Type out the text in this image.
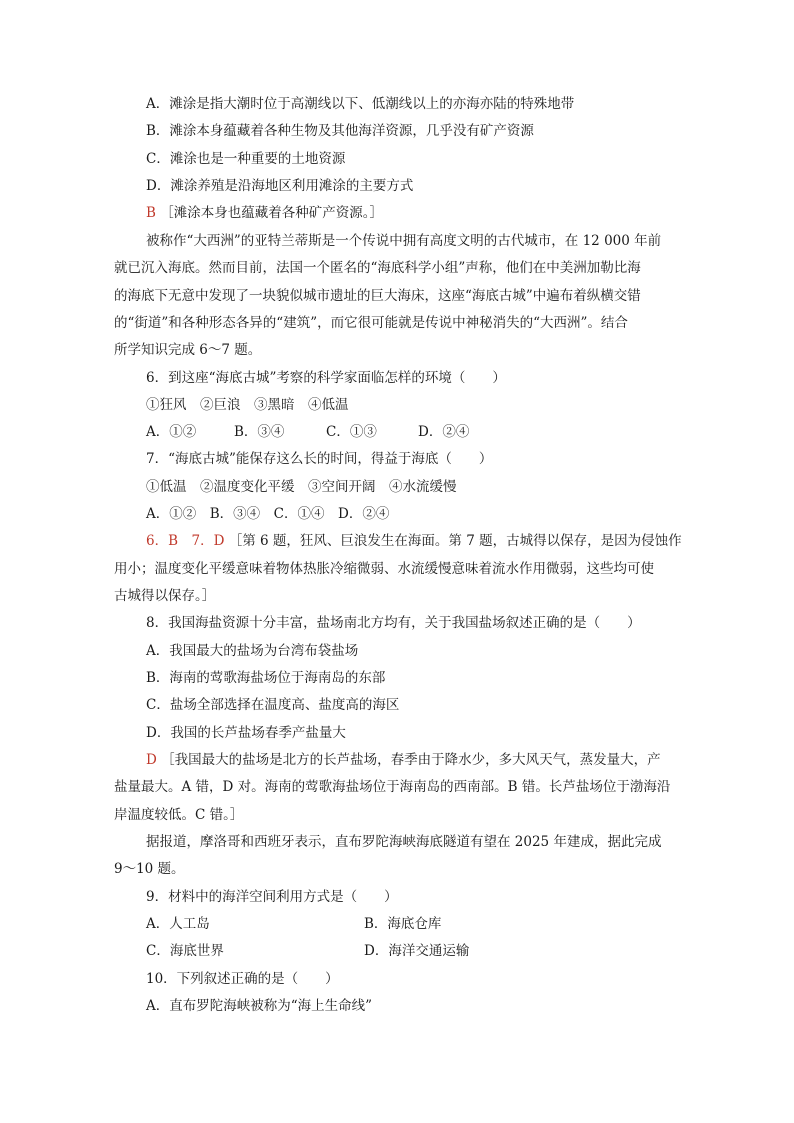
A．滩涂是指大潮时位于高潮线以下、低潮线以上的亦海亦陆的特殊地带
B．滩涂本身蕴藏着各种生物及其他海洋资源，几乎没有矿产资源
C．滩涂也是一种重要的土地资源
D．滩涂养殖是沿海地区利用滩涂的主要方式
B ［滩涂本身也蕴藏着各种矿产资源。］
被称作“大西洲”的亚特兰蒂斯是一个传说中拥有高度文明的古代城市，在 12 000 年前
就已沉入海底。然而目前，法国一个匿名的“海底科学小组”声称，他们在中美洲加勒比海
的海底下无意中发现了一块貌似城市遗址的巨大海床，这座“海底古城”中遍布着纵横交错
的“街道”和各种形态各异的“建筑”，而它很可能就是传说中神秘消失的“大西洲”。结合
所学知识完成 6～7 题。
6．到这座“海底古城”考察的科学家面临怎样的环境（　　）
①狂风　②巨浪　③黑暗　④低温
A．①②	B．③④	C．①③	D．②④
7．“海底古城”能保存这么长的时间，得益于海底（　　）
①低温　②温度变化平缓　③空间开阔　④水流缓慢
A．①②　B．③④　C．①④　D．②④
6．B　7．D ［第 6 题，狂风、巨浪发生在海面。第 7 题，古城得以保存，是因为侵蚀作
用小；温度变化平缓意味着物体热胀冷缩微弱、水流缓慢意味着流水作用微弱，这些均可使
古城得以保存。］
8．我国海盐资源十分丰富，盐场南北方均有，关于我国盐场叙述正确的是（　　）
A．我国最大的盐场为台湾布袋盐场
B．海南的莺歌海盐场位于海南岛的东部
C．盐场全部选择在温度高、盐度高的海区
D．我国的长芦盐场春季产盐量大
D ［我国最大的盐场是北方的长芦盐场，春季由于降水少，多大风天气，蒸发量大，产
盐量最大。A 错，D 对。海南的莺歌海盐场位于海南岛的西南部。B 错。长芦盐场位于渤海沿
岸温度较低。C 错。］
据报道，摩洛哥和西班牙表示，直布罗陀海峡海底隧道有望在 2025 年建成，据此完成
9～10 题。
9．材料中的海洋空间利用方式是（　　）
A．人工岛	B．海底仓库
C．海底世界	D．海洋交通运输
10．下列叙述正确的是（　　）
A．直布罗陀海峡被称为“海上生命线”
